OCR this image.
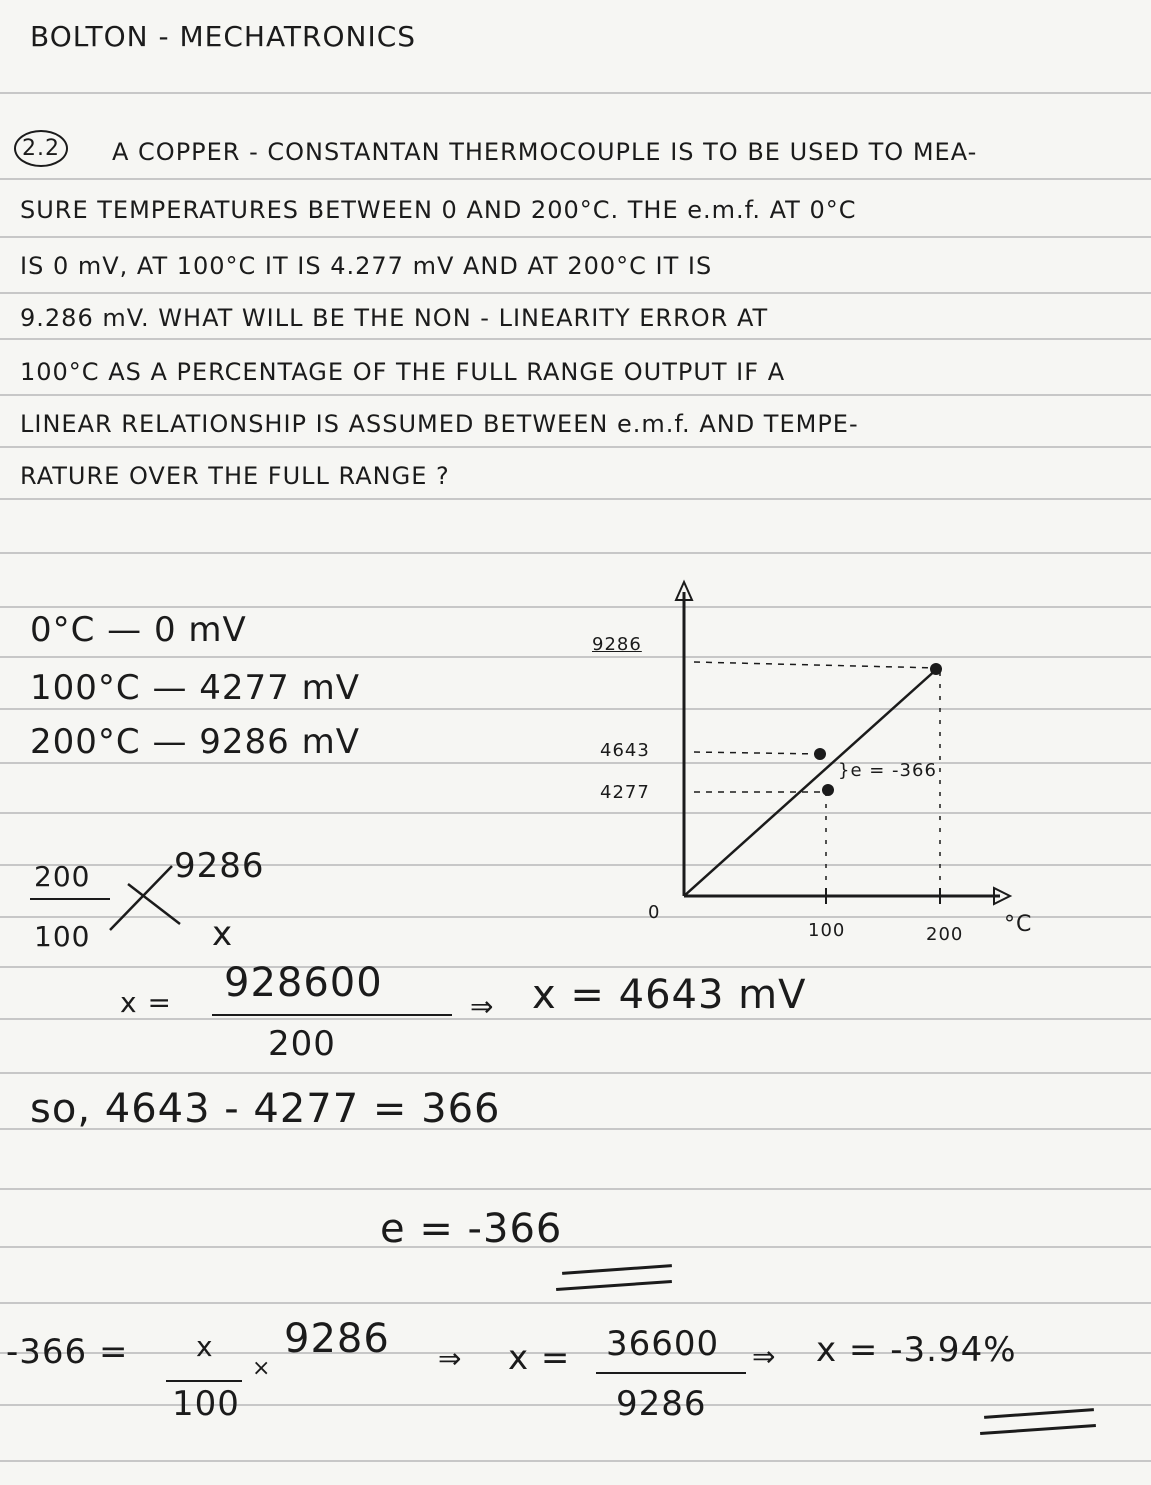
BOLTON - MECHATRONICS
2.2	A COPPER - CONSTANTAN THERMOCOUPLE IS TO BE USED TO MEA-
SURE TEMPERATURES BETWEEN 0 AND 200°C. THE e.m.f. AT 0°C
IS 0 mV, AT 100°C IT IS 4.277 mV AND AT 200°C IT IS
9.286 mV. WHAT WILL BE THE NON - LINEARITY ERROR AT
100°C AS A PERCENTAGE OF THE FULL RANGE OUTPUT IF A
LINEAR RELATIONSHIP IS ASSUMED BETWEEN e.m.f. AND TEMPE-
RATURE OVER THE FULL RANGE ?
0°C — 0 mV
100°C — 4277 mV
200°C — 9286 mV
9286
4643
4277
0
100	200 °C
}e = -366
200 9286
100	x
x = 928600
200
⇒ x = 4643 mV
so, 4643 - 4277 = 366
e = -366
-366 = x
100
×
9286 ⇒ x = 36600
9286
⇒ x = -3.94%
